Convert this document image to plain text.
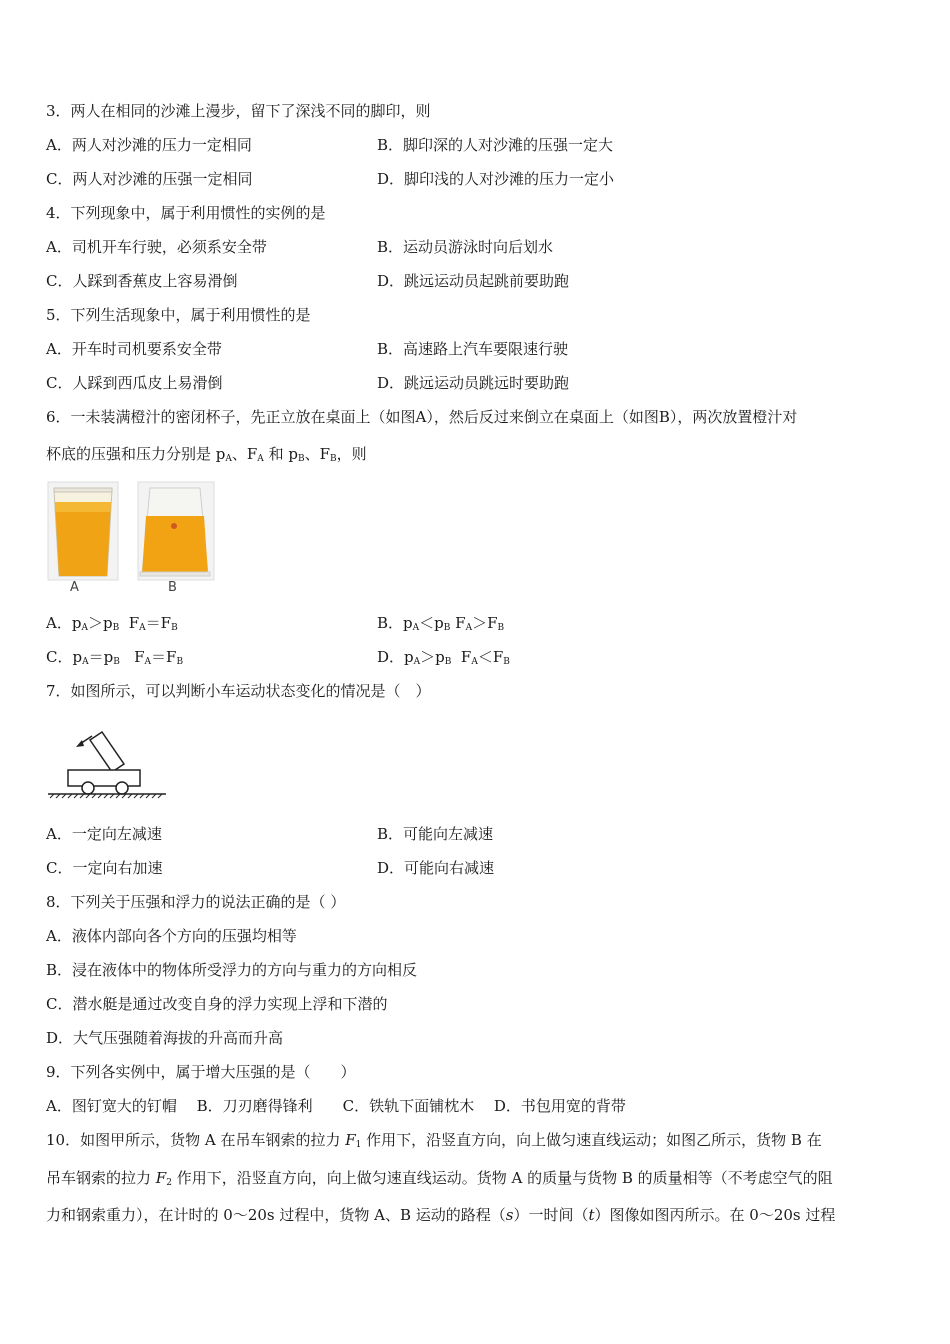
3．两人在相同的沙滩上漫步，留下了深浅不同的脚印，则
A．两人对沙滩的压力一定相同	B．脚印深的人对沙滩的压强一定大
C．两人对沙滩的压强一定相同	D．脚印浅的人对沙滩的压力一定小
4．下列现象中，属于利用惯性的实例的是
A．司机开车行驶，必须系安全带	B．运动员游泳时向后划水
C．人踩到香蕉皮上容易滑倒	D．跳远运动员起跳前要助跑
5．下列生活现象中，属于利用惯性的是
A．开车时司机要系安全带	B．高速路上汽车要限速行驶
C．人踩到西瓜皮上易滑倒	D．跳远运动员跳远时要助跑
6．一未装满橙汁的密闭杯子，先正立放在桌面上（如图A），然后反过来倒立在桌面上（如图B），两次放置橙汁对
杯底的压强和压力分别是 $p_A$、$F_A$ 和 $p_B$、$F_B$，则
A	B
A．$p_A>p_B$  $F_A=F_B$	B．$p_A<p_B$ $F_A>F_B$
C．$p_A=p_B$   $F_A=F_B$	D．$p_A>p_B$  $F_A<F_B$
7．如图所示，可以判断小车运动状态变化的情况是（　）
A．一定向左减速	B．可能向左减速
C．一定向右加速	D．可能向右减速
8．下列关于压强和浮力的说法正确的是（ ）
A．液体内部向各个方向的压强均相等
B．浸在液体中的物体所受浮力的方向与重力的方向相反
C．潜水艇是通过改变自身的浮力实现上浮和下潜的
D．大气压强随着海拔的升高而升高
9．下列各实例中，属于增大压强的是（　　）
A．图钉宽大的钉帽　 B．刀刃磨得锋利　　C．铁轨下面铺枕木　 D．书包用宽的背带
10．如图甲所示，货物 A 在吊车钢索的拉力 $F_1$ 作用下，沿竖直方向，向上做匀速直线运动；如图乙所示，货物 B 在
吊车钢索的拉力 $F_2$ 作用下，沿竖直方向，向上做匀速直线运动。货物 A 的质量与货物 B 的质量相等（不考虑空气的阻
力和钢索重力），在计时的 0～20s 过程中，货物 A、B 运动的路程（s）一时间（t）图像如图丙所示。在 0～20s 过程
